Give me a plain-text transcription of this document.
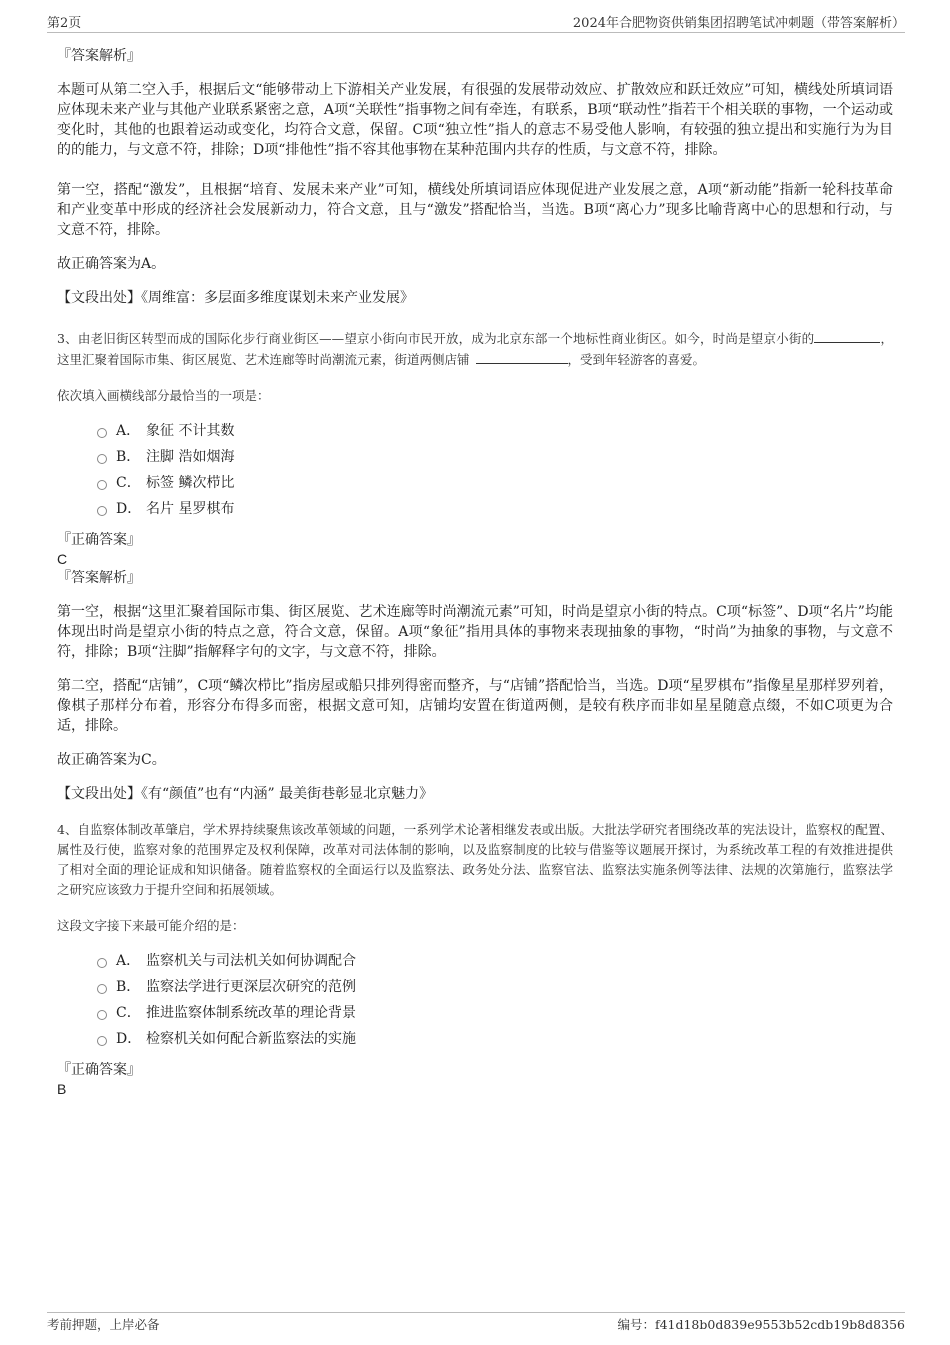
第2页	2024年合肥物资供销集团招聘笔试冲刺题（带答案解析）

『答案解析』

本题可从第二空入手，根据后文“能够带动上下游相关产业发展，有很强的发展带动效应、扩散效应和跃迁效应”可知，横线处所填词语应体现未来产业与其他产业联系紧密之意，A项“关联性”指事物之间有牵连，有联系，B项“联动性”指若干个相关联的事物，一个运动或变化时，其他的也跟着运动或变化，均符合文意，保留。C项“独立性”指人的意志不易受他人影响，有较强的独立提出和实施行为为目的的能力，与文意不符，排除；D项“排他性”指不容其他事物在某种范围内共存的性质，与文意不符，排除。

第一空，搭配“激发”，且根据“培育、发展未来产业”可知，横线处所填词语应体现促进产业发展之意，A项“新动能”指新一轮科技革命和产业变革中形成的经济社会发展新动力，符合文意，且与“激发”搭配恰当，当选。B项“离心力”现多比喻背离中心的思想和行动，与文意不符，排除。

故正确答案为A。

【文段出处】《周维富：多层面多维度谋划未来产业发展》

3、由老旧街区转型而成的国际化步行商业街区——望京小街向市民开放，成为北京东部一个地标性商业街区。如今，时尚是望京小街的	，这里汇聚着国际市集、街区展览、艺术连廊等时尚潮流元素，街道两侧店铺	，受到年轻游客的喜爱。

依次填入画横线部分最恰当的一项是：

A． 象征 不计其数
B． 注脚 浩如烟海
C． 标签 鳞次栉比
D． 名片 星罗棋布

『正确答案』

C

『答案解析』

第一空，根据“这里汇聚着国际市集、街区展览、艺术连廊等时尚潮流元素”可知，时尚是望京小街的特点。C项“标签”、D项“名片”均能体现出时尚是望京小街的特点之意，符合文意，保留。A项“象征”指用具体的事物来表现抽象的事物，“时尚”为抽象的事物，与文意不符，排除；B项“注脚”指解释字句的文字，与文意不符，排除。

第二空，搭配“店铺”，C项“鳞次栉比”指房屋或船只排列得密而整齐，与“店铺”搭配恰当，当选。D项“星罗棋布”指像星星那样罗列着，像棋子那样分布着，形容分布得多而密，根据文意可知，店铺均安置在街道两侧，是较有秩序而非如星星随意点缀，不如C项更为合适，排除。

故正确答案为C。

【文段出处】《有“颜值”也有“内涵” 最美街巷彰显北京魅力》

4、自监察体制改革肇启，学术界持续聚焦该改革领域的问题，一系列学术论著相继发表或出版。大批法学研究者围绕改革的宪法设计，监察权的配置、属性及行使，监察对象的范围界定及权利保障，改革对司法体制的影响，以及监察制度的比较与借鉴等议题展开探讨，为系统改革工程的有效推进提供了相对全面的理论证成和知识储备。随着监察权的全面运行以及监察法、政务处分法、监察官法、监察法实施条例等法律、法规的次第施行，监察法学之研究应该致力于提升空间和拓展领域。

这段文字接下来最可能介绍的是：

A． 监察机关与司法机关如何协调配合
B． 监察法学进行更深层次研究的范例
C． 推进监察体制系统改革的理论背景
D． 检察机关如何配合新监察法的实施

『正确答案』

B

考前押题，上岸必备	编号：f41d18b0d839e9553b52cdb19b8d8356
